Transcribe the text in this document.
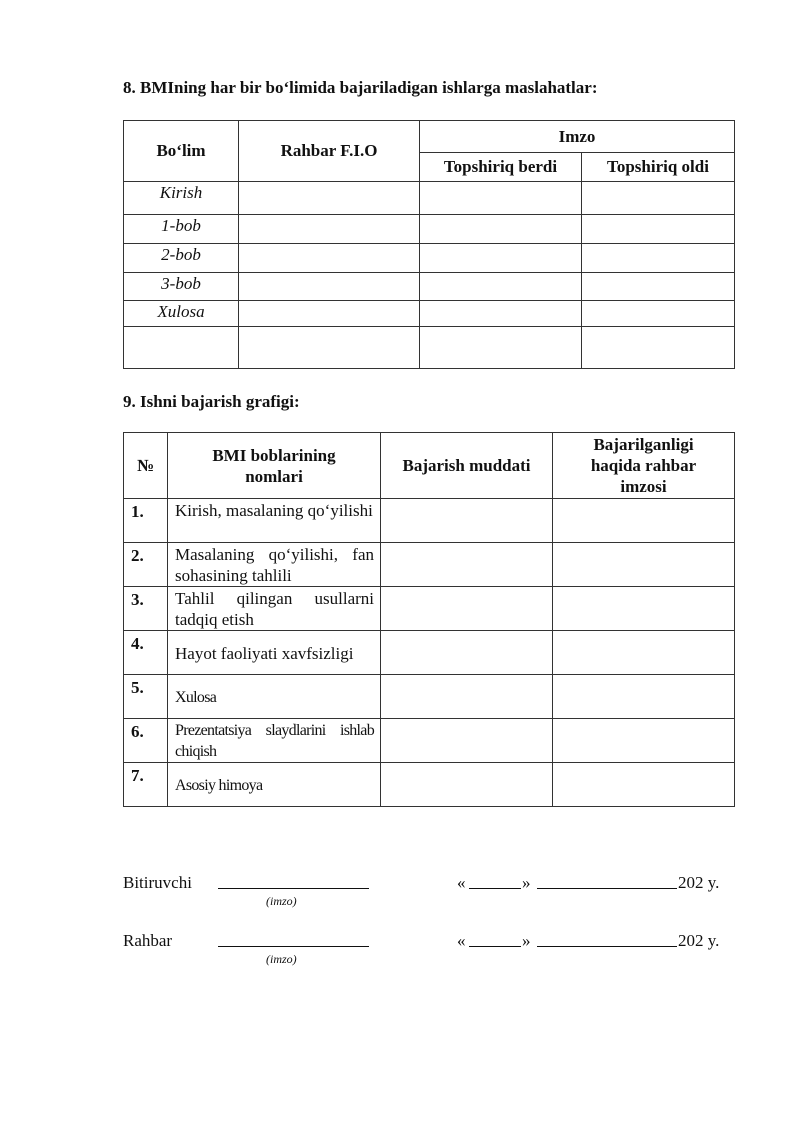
8. BMIning har bir bo‘limida bajariladigan ishlarga maslahatlar:
Bo‘lim	Rahbar F.I.O	Imzo	
		Topshiriq berdi	Topshiriq oldi
Kirish			
1-bob			
2-bob			
3-bob			
Xulosa			

9. Ishni bajarish grafigi:
№	BMI boblarining nomlari	Bajarish muddati	Bajarilganligi haqida rahbar imzosi
1.	Kirish, masalaning qo‘yilishi		
2.	Masalaning qo‘yilishi, fan sohasining tahlili		
3.	Tahlil qilingan usullarni tadqiq etish		
4.	Hayot faoliyati xavfsizligi		
5.	Xulosa		
6.	Prezentatsiya slaydlarini ishlab chiqish		
7.	Asosiy himoya		
Bitiruvchi
(imzo)
«	»	202 y.
Rahbar
(imzo)
«	»	202 y.
